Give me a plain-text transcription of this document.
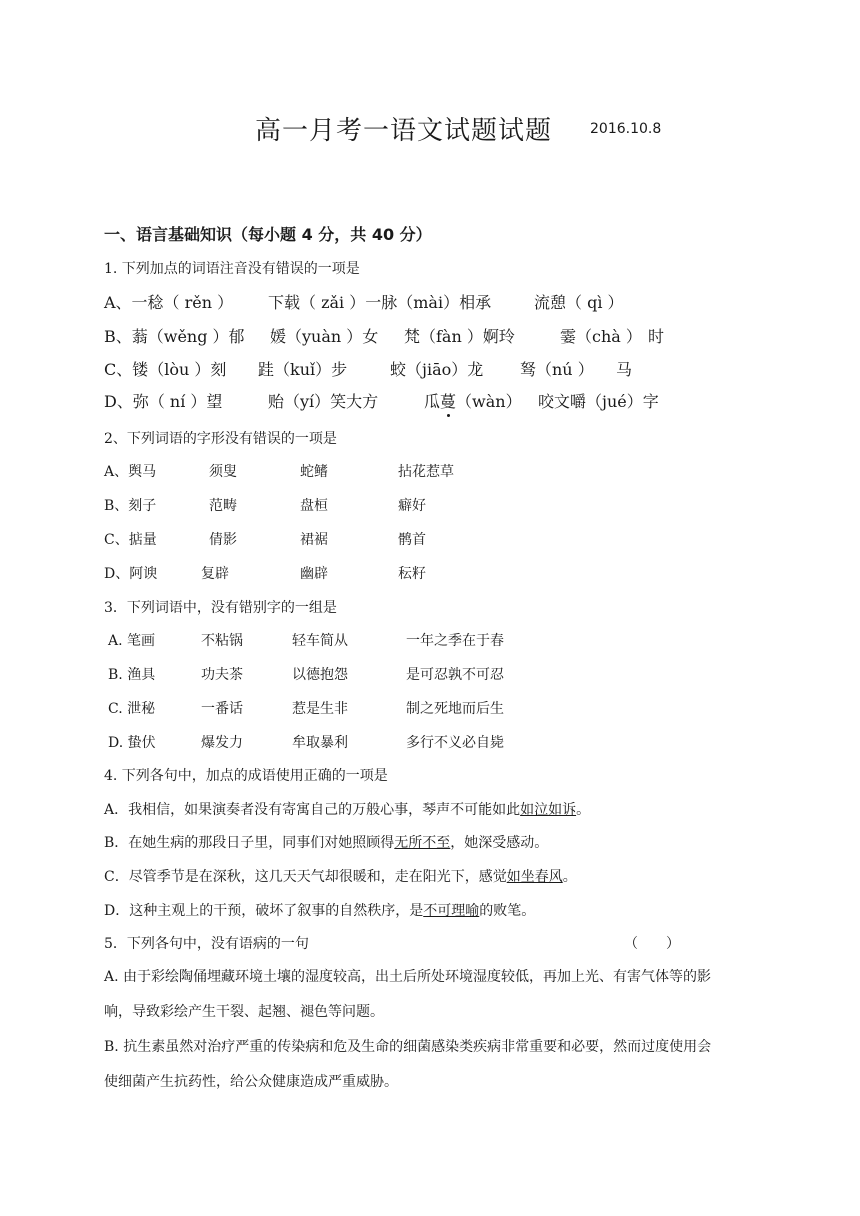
高一月考一语文试题试题	2016.10.8
一、语言基础知识（每小题 4 分，共 40 分）
1. 下列加点的词语注音没有错误的一项是
A、一稔（ rěn ） 下载（ zǎi ）一脉（mài）相承	流憩（ qì ）
B、蓊（wěng ）郁 媛（yuàn ）女 梵（fàn ）婀玲	霎（chà ） 时
C、镂（lòu ）刻 跬（kuǐ）步	蛟（jiāo）龙 驽（nú ） 马
D、弥（ ní ）望	贻（yí）笑大方	瓜蔓（wàn） 咬文嚼（jué）字
2、下列词语的字形没有错误的一项是
A、舆马	须叟	蛇鳍	拈花惹草
B、刻子	范畴	盘桓	癖好
C、掂量	倩影	裙裾	鹘首
D、阿谀	复辟	幽辟	秐籽
3．下列词语中，没有错别字的一组是
A. 笔画	不粘锅	轻车简从	一年之季在于春
B. 渔具	功夫茶	以德抱怨	是可忍孰不可忍
C. 泄秘	一番话	惹是生非	制之死地而后生
D. 蛰伏	爆发力	牟取暴利	多行不义必自毙
4. 下列各句中，加点的成语使用正确的一项是
A．我相信，如果演奏者没有寄寓自己的万般心事，琴声不可能如此如泣如诉。
B．在她生病的那段日子里，同事们对她照顾得无所不至，她深受感动。
C．尽管季节是在深秋，这几天天气却很暖和，走在阳光下，感觉如坐春风。
D．这种主观上的干预，破坏了叙事的自然秩序，是不可理喻的败笔。
5．下列各句中，没有语病的一句	（　　）
A. 由于彩绘陶俑埋藏环境土壤的湿度较高，出土后所处环境湿度较低，再加上光、有害气体等的影
响，导致彩绘产生干裂、起翘、褪色等问题。
B. 抗生素虽然对治疗严重的传染病和危及生命的细菌感染类疾病非常重要和必要，然而过度使用会
使细菌产生抗药性，给公众健康造成严重威胁。
